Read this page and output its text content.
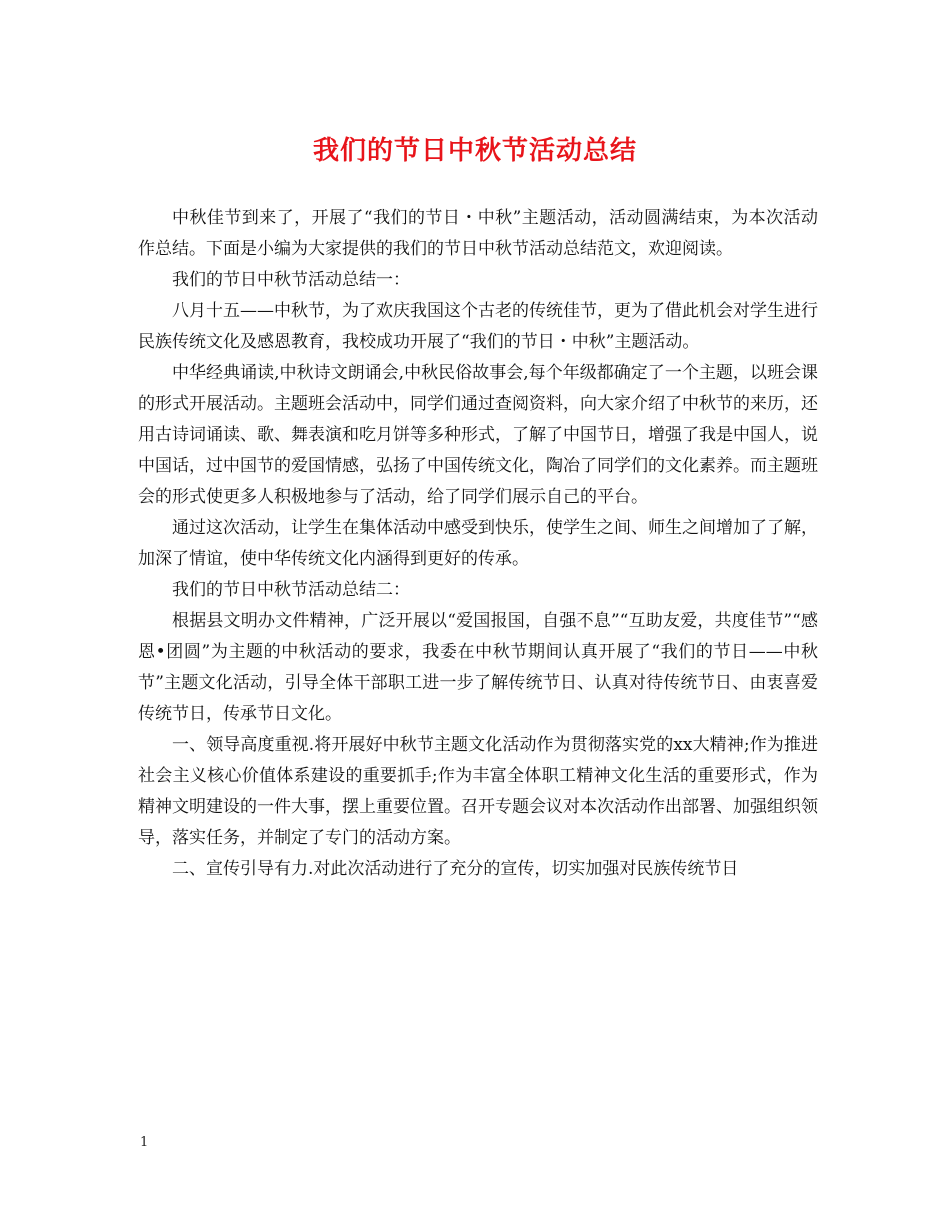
我们的节日中秋节活动总结

中秋佳节到来了，开展了“我们的节日・中秋”主题活动，活动圆满结束，为本次活动作总结。下面是小编为大家提供的我们的节日中秋节活动总结范文，欢迎阅读。

我们的节日中秋节活动总结一：

八月十五——中秋节，为了欢庆我国这个古老的传统佳节，更为了借此机会对学生进行民族传统文化及感恩教育，我校成功开展了“我们的节日・中秋”主题活动。

中华经典诵读,中秋诗文朗诵会,中秋民俗故事会,每个年级都确定了一个主题，以班会课的形式开展活动。主题班会活动中，同学们通过查阅资料，向大家介绍了中秋节的来历，还用古诗词诵读、歌、舞表演和吃月饼等多种形式，了解了中国节日，增强了我是中国人，说中国话，过中国节的爱国情感，弘扬了中国传统文化，陶冶了同学们的文化素养。而主题班会的形式使更多人积极地参与了活动，给了同学们展示自己的平台。

通过这次活动，让学生在集体活动中感受到快乐，使学生之间、师生之间增加了了解，加深了情谊，使中华传统文化内涵得到更好的传承。

我们的节日中秋节活动总结二：

根据县文明办文件精神，广泛开展以“爱国报国，自强不息”“互助友爱，共度佳节”“感恩•团圆”为主题的中秋活动的要求，我委在中秋节期间认真开展了“我们的节日——中秋节”主题文化活动，引导全体干部职工进一步了解传统节日、认真对待传统节日、由衷喜爱传统节日，传承节日文化。

一、领导高度重视.将开展好中秋节主题文化活动作为贯彻落实党的xx大精神;作为推进社会主义核心价值体系建设的重要抓手;作为丰富全体职工精神文化生活的重要形式，作为精神文明建设的一件大事，摆上重要位置。召开专题会议对本次活动作出部署、加强组织领导，落实任务，并制定了专门的活动方案。

二、宣传引导有力.对此次活动进行了充分的宣传，切实加强对民族传统节日

1
